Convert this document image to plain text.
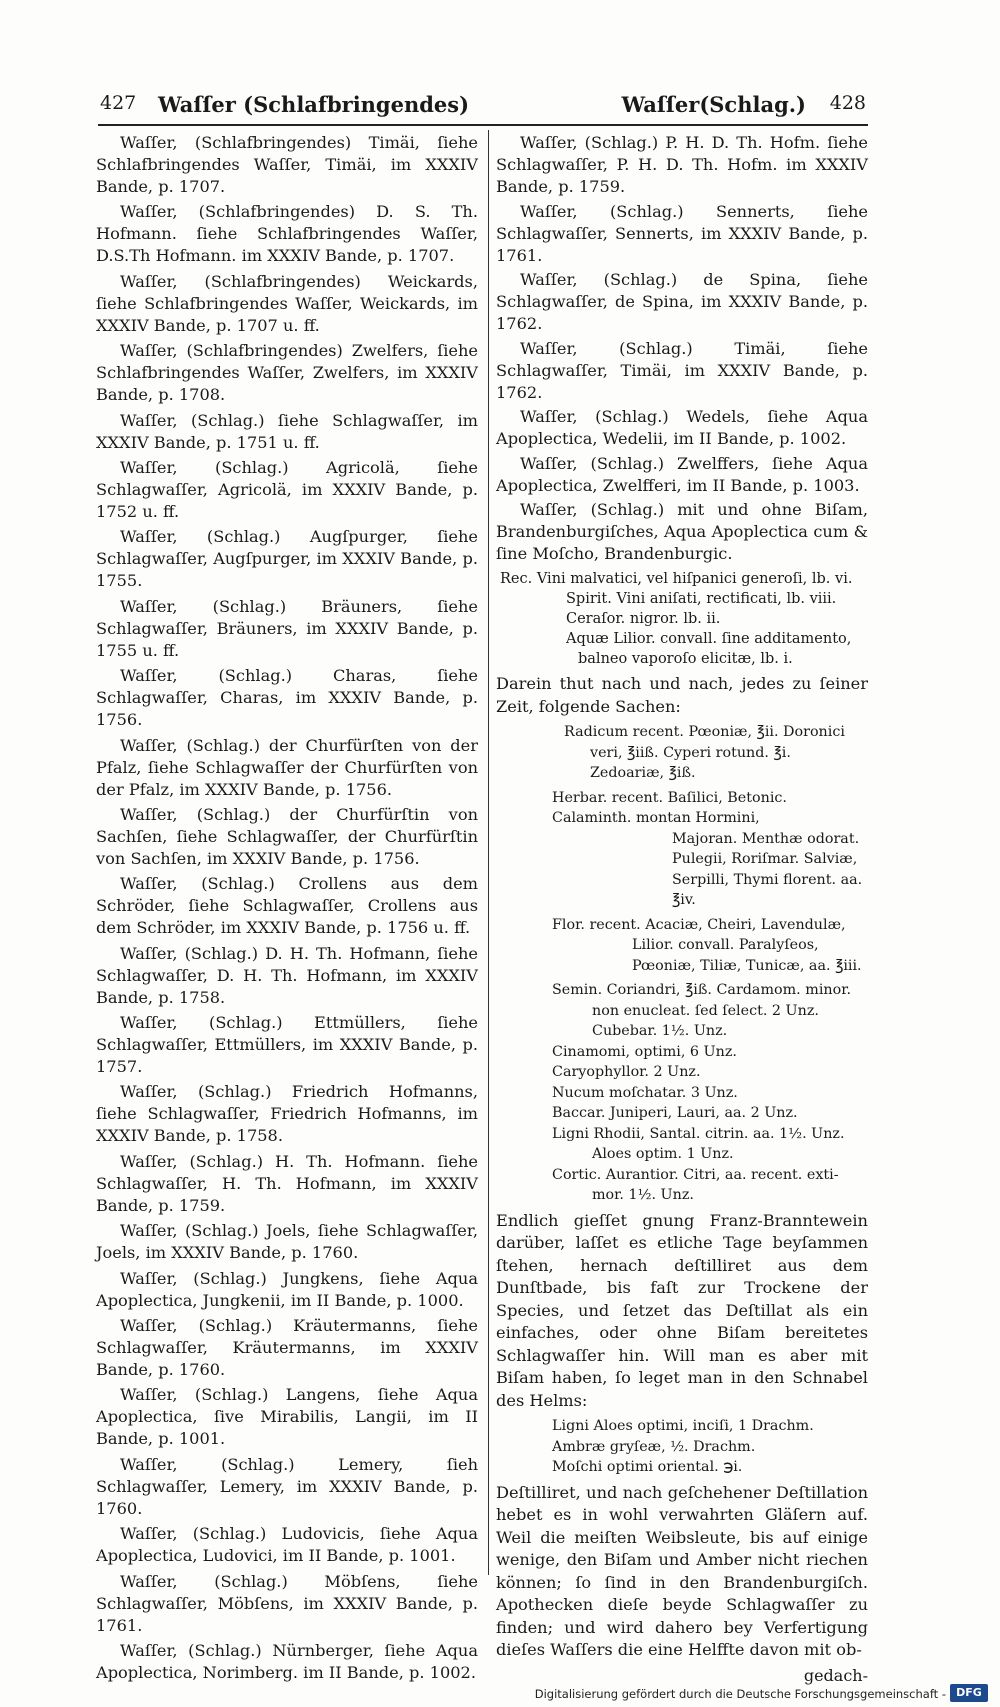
427 Waſſer (Schlafbringendes)	Waſſer(Schlag.) 428

Waſſer, (Schlafbringendes) Timäi, ſiehe Schlafbringendes Waſſer, Timäi, im XXXIV Bande, p. 1707.

Waſſer, (Schlafbringendes) D. S. Th. Hofmann. ſiehe Schlafbringendes Waſſer, D.S.Th Hofmann. im XXXIV Bande, p. 1707.

Waſſer, (Schlafbringendes) Weickards, ſiehe Schlafbringendes Waſſer, Weickards, im XXXIV Bande, p. 1707 u. ff.

Waſſer, (Schlafbringendes) Zwelfers, ſiehe Schlafbringendes Waſſer, Zwelfers, im XXXIV Bande, p. 1708.

Waſſer, (Schlag.) ſiehe Schlagwaſſer, im XXXIV Bande, p. 1751 u. ff.

Waſſer, (Schlag.) Agricolä, ſiehe Schlagwaſſer, Agricolä, im XXXIV Bande, p. 1752 u. ff.

Waſſer, (Schlag.) Augſpurger, ſiehe Schlagwaſſer, Augſpurger, im XXXIV Bande, p. 1755.

Waſſer, (Schlag.) Bräuners, ſiehe Schlagwaſſer, Bräuners, im XXXIV Bande, p. 1755 u. ff.

Waſſer, (Schlag.) Charas, ſiehe Schlagwaſſer, Charas, im XXXIV Bande, p. 1756.

Waſſer, (Schlag.) der Churfürſten von der Pfalz, ſiehe Schlagwaſſer der Churfürſten von der Pfalz, im XXXIV Bande, p. 1756.

Waſſer, (Schlag.) der Churfürſtin von Sachſen, ſiehe Schlagwaſſer, der Churfürſtin von Sachſen, im XXXIV Bande, p. 1756.

Waſſer, (Schlag.) Crollens aus dem Schröder, ſiehe Schlagwaſſer, Crollens aus dem Schröder, im XXXIV Bande, p. 1756 u. ff.

Waſſer, (Schlag.) D. H. Th. Hofmann, ſiehe Schlagwaſſer, D. H. Th. Hofmann, im XXXIV Bande, p. 1758.

Waſſer, (Schlag.) Ettmüllers, ſiehe Schlagwaſſer, Ettmüllers, im XXXIV Bande, p. 1757.

Waſſer, (Schlag.) Friedrich Hofmanns, ſiehe Schlagwaſſer, Friedrich Hofmanns, im XXXIV Bande, p. 1758.

Waſſer, (Schlag.) H. Th. Hofmann. ſiehe Schlagwaſſer, H. Th. Hofmann, im XXXIV Bande, p. 1759.

Waſſer, (Schlag.) Joels, ſiehe Schlagwaſſer, Joels, im XXXIV Bande, p. 1760.

Waſſer, (Schlag.) Jungkens, ſiehe Aqua Apoplectica, Jungkenii, im II Bande, p. 1000.

Waſſer, (Schlag.) Kräutermanns, ſiehe Schlagwaſſer, Kräutermanns, im XXXIV Bande, p. 1760.

Waſſer, (Schlag.) Langens, ſiehe Aqua Apoplectica, ſive Mirabilis, Langii, im II Bande, p. 1001.

Waſſer, (Schlag.) Lemery, ſieh Schlagwaſſer, Lemery, im XXXIV Bande, p. 1760.

Waſſer, (Schlag.) Ludovicis, ſiehe Aqua Apoplectica, Ludovici, im II Bande, p. 1001.

Waſſer, (Schlag.) Möbſens, ſiehe Schlagwaſſer, Möbſens, im XXXIV Bande, p. 1761.

Waſſer, (Schlag.) Nürnberger, ſiehe Aqua Apoplectica, Norimberg. im II Bande, p. 1002.

Waſſer, (Schlag.) P. H. D. Th. Hofm. ſiehe Schlagwaſſer, P. H. D. Th. Hofm. im XXXIV Bande, p. 1759.

Waſſer, (Schlag.) Sennerts, ſiehe Schlagwaſſer, Sennerts, im XXXIV Bande, p. 1761.

Waſſer, (Schlag.) de Spina, ſiehe Schlagwaſſer, de Spina, im XXXIV Bande, p. 1762.

Waſſer, (Schlag.) Timäi, ſiehe Schlagwaſſer, Timäi, im XXXIV Bande, p. 1762.

Waſſer, (Schlag.) Wedels, ſiehe Aqua Apoplectica, Wedelii, im II Bande, p. 1002.

Waſſer, (Schlag.) Zwelffers, ſiehe Aqua Apoplectica, Zwelfferi, im II Bande, p. 1003.

Waſſer, (Schlag.) mit und ohne Biſam, Brandenburgiſches, Aqua Apoplectica cum & ſine Moſcho, Brandenburgic.

Rec. Vini malvatici, vel hiſpanici generoſi, lb. vi.
Spirit. Vini aniſati, rectificati, lb. viii.
Ceraſor. nigror. lb. ii.
Aquæ Lilior. convall. ſine additamento,
balneo vaporoſo elicitæ, lb. i.

Darein thut nach und nach, jedes zu ſeiner Zeit, folgende Sachen:

Radicum recent. Pœoniæ, ℥ii. Doronici
veri, ℥iiß. Cyperi rotund. ℥i. Zedoariæ, ℥iß.
Herbar. recent. Baſilici, Betonic. Calaminth. montan Hormini,
Majoran. Menthæ odorat. Pulegii, Roriſmar. Salviæ, Serpilli, Thymi florent. aa. ℥iv.
Flor. recent. Acaciæ, Cheiri, Lavendulæ,
Lilior. convall. Paralyſeos, Pœoniæ, Tiliæ, Tunicæ, aa. ℥iii.
Semin. Coriandri, ℥iß. Cardamom. minor.
non enucleat. ſed ſelect. 2 Unz. Cubebar. 1½. Unz.
Cinamomi, optimi, 6 Unz.
Caryophyllor. 2 Unz.
Nucum moſchatar. 3 Unz.
Baccar. Juniperi, Lauri, aa. 2 Unz.
Ligni Rhodii, Santal. citrin. aa. 1½. Unz.
Aloes optim. 1 Unz.
Cortic. Aurantior. Citri, aa. recent. exti-
mor. 1½. Unz.

Endlich gieſſet gnung Franz-Branntewein darüber, laſſet es etliche Tage beyſammen ſtehen, hernach deſtilliret aus dem Dunſtbade, bis faſt zur Trockene der Species, und ſetzet das Deſtillat als ein einfaches, oder ohne Biſam bereitetes Schlagwaſſer hin. Will man es aber mit Biſam haben, ſo leget man in den Schnabel des Helms:

Ligni Aloes optimi, inciſi, 1 Drachm.
Ambræ gryſeæ, ½. Drachm.
Moſchi optimi oriental. ℈i.

Deſtilliret, und nach geſchehener Deſtillation hebet es in wohl verwahrten Gläſern auf. Weil die meiſten Weibsleute, bis auf einige wenige, den Biſam und Amber nicht riechen können; ſo ſind in den Brandenburgiſch. Apothecken dieſe beyde Schlagwaſſer zu finden; und wird dahero bey Verfertigung dieſes Waſſers die eine Helffte davon mit ob-

gedach-
Digitalisierung gefördert durch die Deutsche Forschungsgemeinschaft - DFG
